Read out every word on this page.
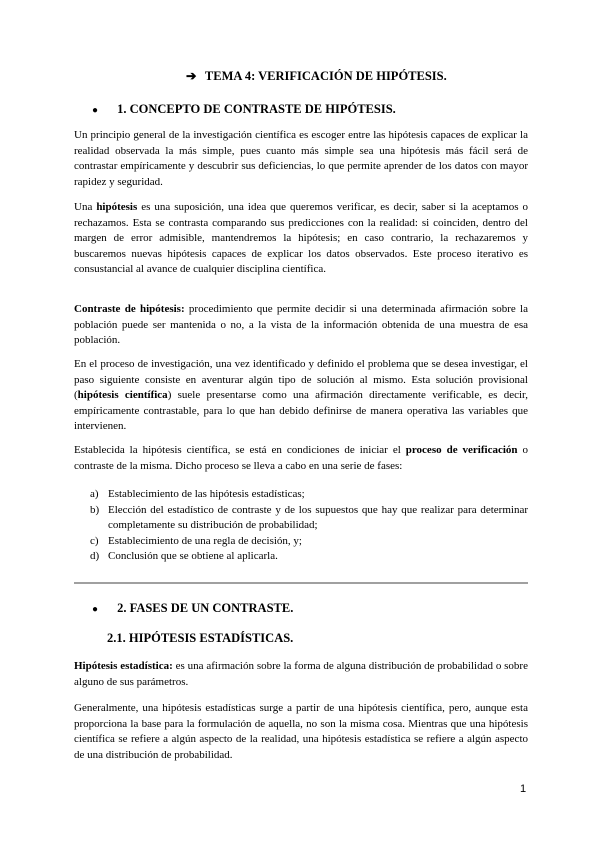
➔ TEMA 4: VERIFICACIÓN DE HIPÓTESIS.
● 1. CONCEPTO DE CONTRASTE DE HIPÓTESIS.

Un principio general de la investigación científica es escoger entre las hipótesis capaces de explicar la realidad observada la más simple, pues cuanto más simple sea una hipótesis más fácil será de contrastar empíricamente y descubrir sus deficiencias, lo que permite aprender de los datos con mayor rapidez y seguridad.

Una hipótesis es una suposición, una idea que queremos verificar, es decir, saber si la aceptamos o rechazamos. Esta se contrasta comparando sus predicciones con la realidad: si coinciden, dentro del margen de error admisible, mantendremos la hipótesis; en caso contrario, la rechazaremos y buscaremos nuevas hipótesis capaces de explicar los datos observados. Este proceso iterativo es consustancial al avance de cualquier disciplina científica.

Contraste de hipótesis: procedimiento que permite decidir si una determinada afirmación sobre la población puede ser mantenida o no, a la vista de la información obtenida de una muestra de esa población.

En el proceso de investigación, una vez identificado y definido el problema que se desea investigar, el paso siguiente consiste en aventurar algún tipo de solución al mismo. Esta solución provisional (hipótesis científica) suele presentarse como una afirmación directamente verificable, es decir, empíricamente contrastable, para lo que han debido definirse de manera operativa las variables que intervienen.

Establecida la hipótesis científica, se está en condiciones de iniciar el proceso de verificación o contraste de la misma. Dicho proceso se lleva a cabo en una serie de fases:

a) Establecimiento de las hipótesis estadísticas;
b) Elección del estadístico de contraste y de los supuestos que hay que realizar para determinar completamente su distribución de probabilidad;
c) Establecimiento de una regla de decisión, y;
d) Conclusión que se obtiene al aplicarla.
● 2. FASES DE UN CONTRASTE.
2.1. HIPÓTESIS ESTADÍSTICAS.

Hipótesis estadística: es una afirmación sobre la forma de alguna distribución de probabilidad o sobre alguno de sus parámetros.

Generalmente, una hipótesis estadísticas surge a partir de una hipótesis científica, pero, aunque esta proporciona la base para la formulación de aquella, no son la misma cosa. Mientras que una hipótesis científica se refiere a algún aspecto de la realidad, una hipótesis estadística se refiere a algún aspecto de una distribución de probabilidad.

1
